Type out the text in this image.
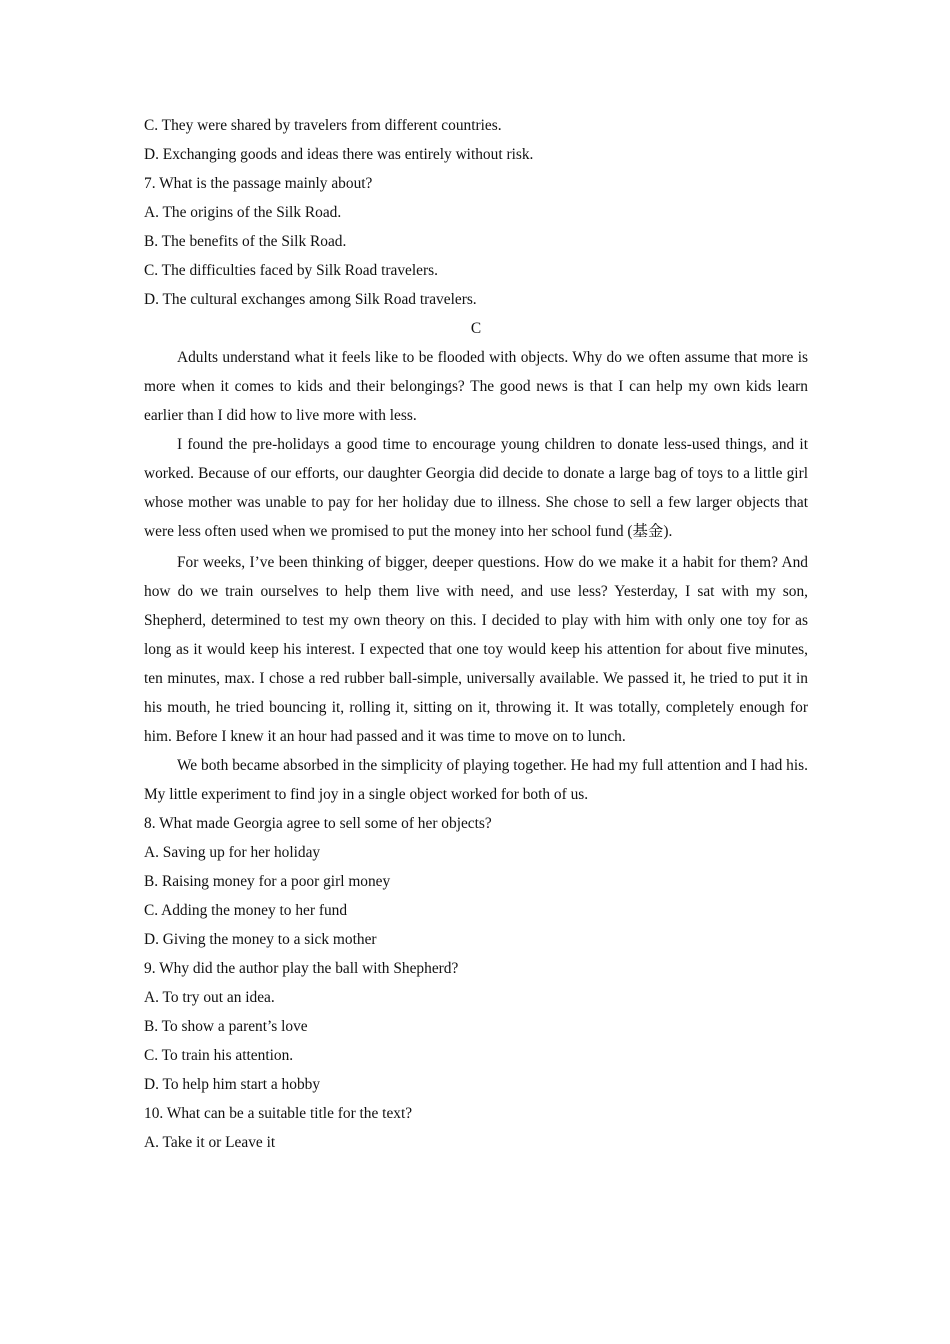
C. They were shared by travelers from different countries.

D. Exchanging goods and ideas there was entirely without risk.

7. What is the passage mainly about?

A. The origins of the Silk Road.

B. The benefits of the Silk Road.

C. The difficulties faced by Silk Road travelers.

D. The cultural exchanges among Silk Road travelers.

C

Adults understand what it feels like to be flooded with objects. Why do we often assume that more is more when it comes to kids and their belongings? The good news is that I can help my own kids learn earlier than I did how to live more with less.

I found the pre-holidays a good time to encourage young children to donate less-used things, and it worked. Because of our efforts, our daughter Georgia did decide to donate a large bag of toys to a little girl whose mother was unable to pay for her holiday due to illness. She chose to sell a few larger objects that were less often used when we promised to put the money into her school fund (基金).

For weeks, I’ve been thinking of bigger, deeper questions. How do we make it a habit for them? And how do we train ourselves to help them live with need, and use less? Yesterday, I sat with my son, Shepherd, determined to test my own theory on this. I decided to play with him with only one toy for as long as it would keep his interest. I expected that one toy would keep his attention for about five minutes, ten minutes, max. I chose a red rubber ball-simple, universally available. We passed it, he tried to put it in his mouth, he tried bouncing it, rolling it, sitting on it, throwing it. It was totally, completely enough for him. Before I knew it an hour had passed and it was time to move on to lunch.

We both became absorbed in the simplicity of playing together. He had my full attention and I had his. My little experiment to find joy in a single object worked for both of us.

8. What made Georgia agree to sell some of her objects?

A. Saving up for her holiday

B. Raising money for a poor girl money

C. Adding the money to her fund

D. Giving the money to a sick mother

9. Why did the author play the ball with Shepherd?

A. To try out an idea.

B. To show a parent’s love

C. To train his attention.

D. To help him start a hobby

10. What can be a suitable title for the text?

A. Take it or Leave it
